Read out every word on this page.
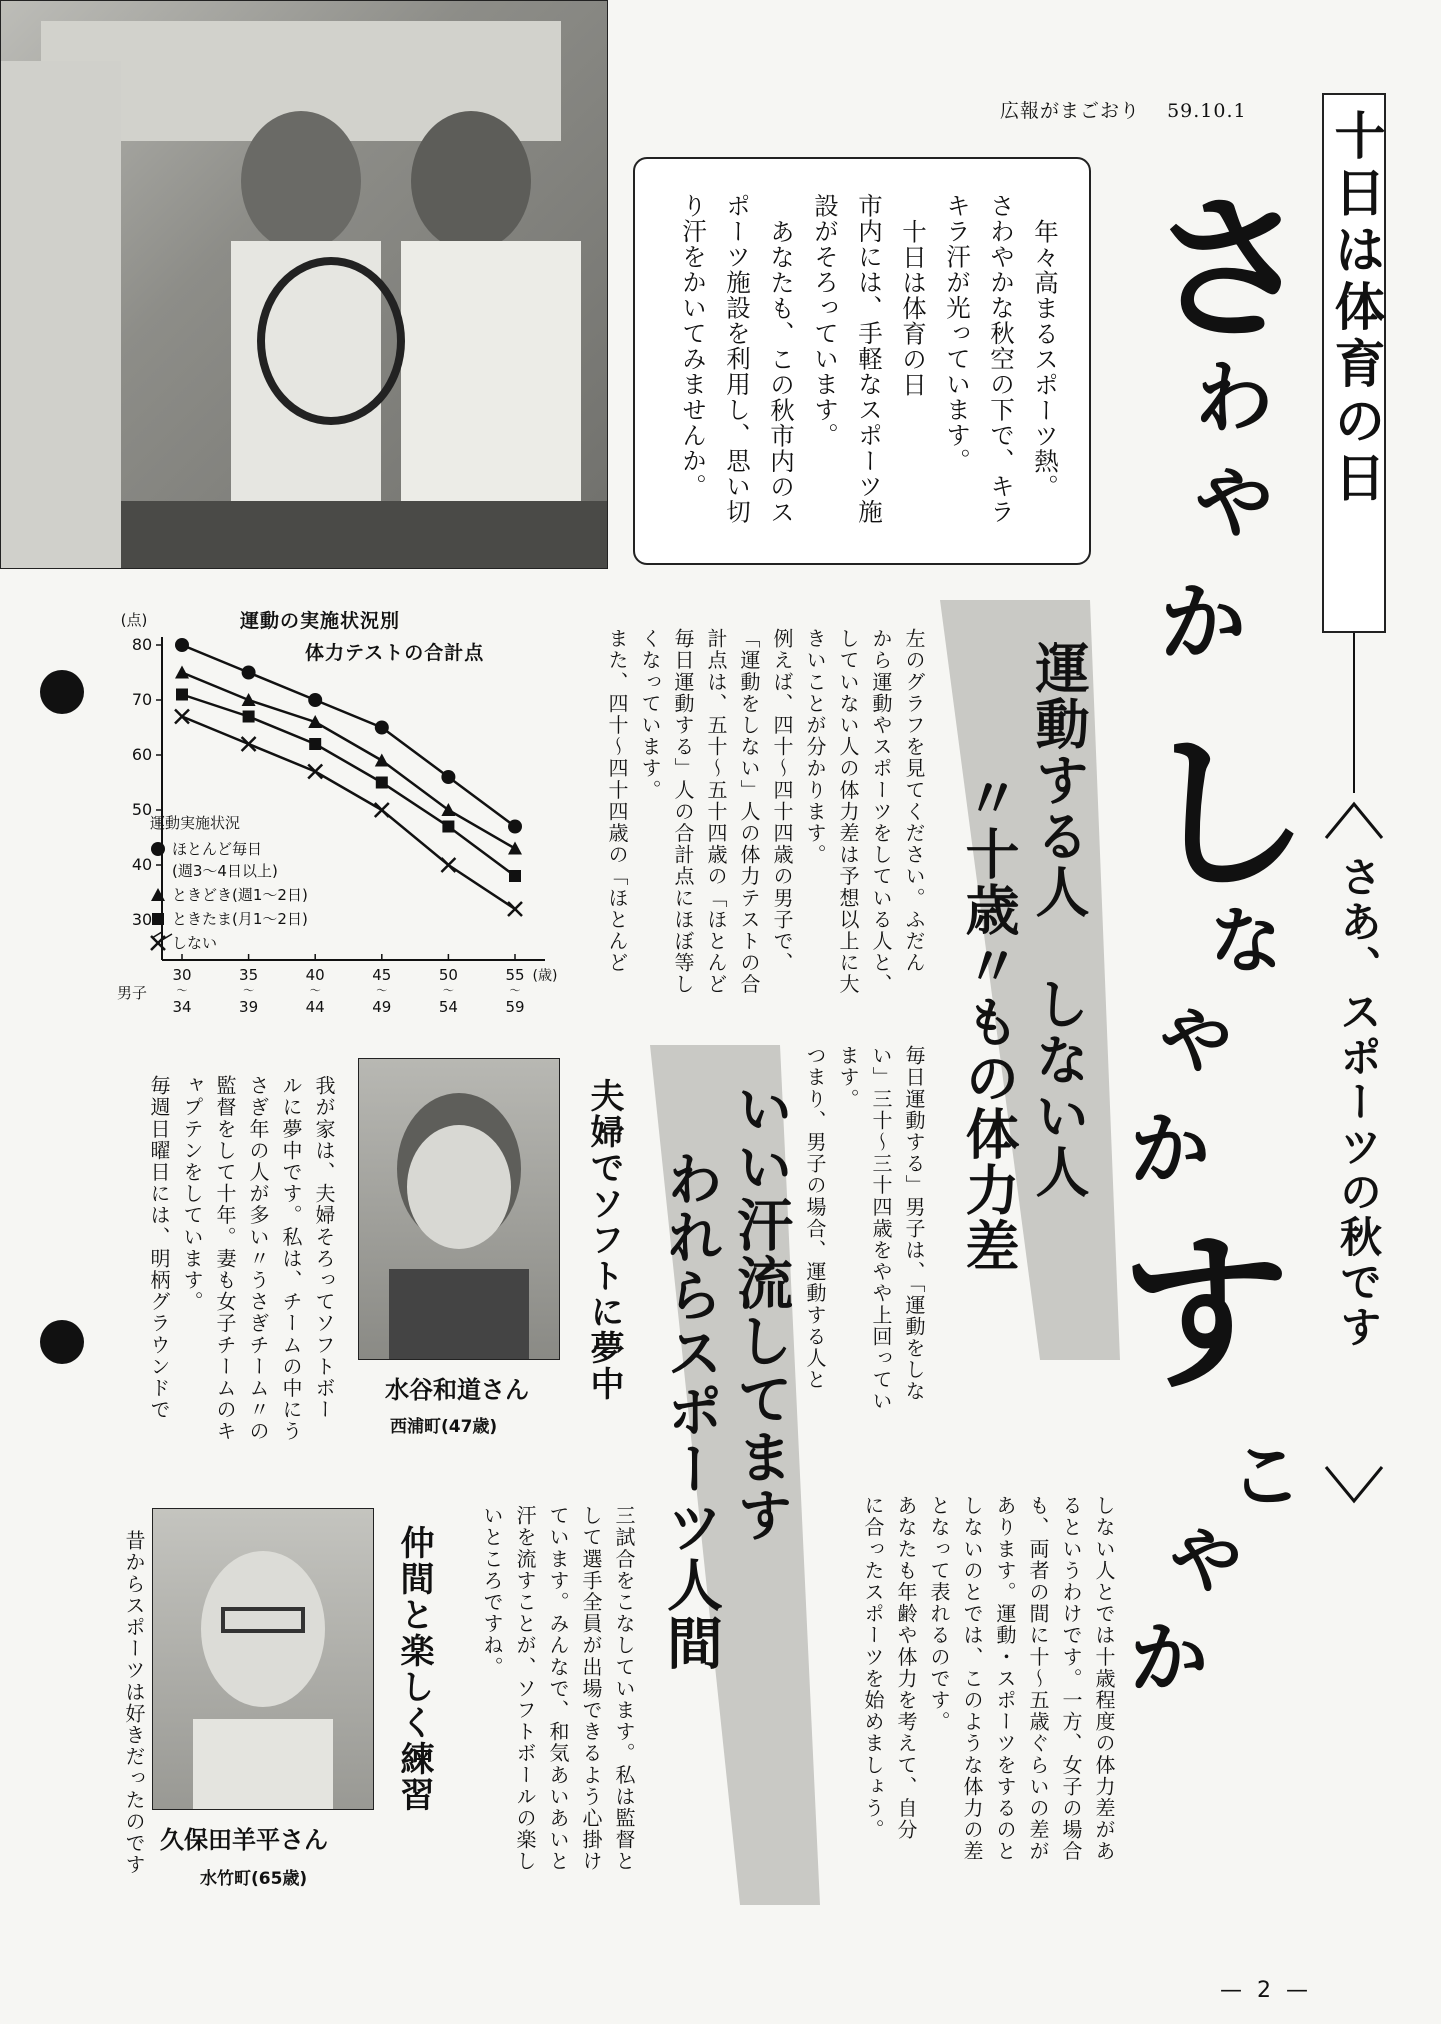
広報がまごおり 59.10.1
年々高まるスポーツ熱。
さわやかな秋空の下で、キラ
キラ汗が光っています。
十日は体育の日
市内には、手軽なスポーツ施
設がそろっています。
あなたも、この秋市内のス
ポーツ施設を利用し、思い切
り汗をかいてみませんか。	十日は体育の日
さ
わ
や
か
し
な
や
か
す
こ
や
か
さあ、スポーツの秋です
運動する人　しない人
〃十歳〃もの体力差
左のグラフを見てください。ふだん
から運動やスポーツをしている人と、
していない人の体力差は予想以上に大
きいことが分かります。
例えば、四十〜四十四歳の男子で、
「運動をしない」人の体力テストの合
計点は、五十〜五十四歳の「ほとんど
毎日運動する」人の合計点にほぼ等し
くなっています。
また、四十〜四十四歳の「ほとんど
毎日運動する」男子は、「運動をしな
い」三十〜三十四歳をやや上回ってい
ます。
つまり、男子の場合、運動する人と
しない人とでは十歳程度の体力差があ
るというわけです。一方、女子の場合
も、両者の間に十〜五歳ぐらいの差が
あります。運動・スポーツをするのと
しないのとでは、このような体力の差
となって表れるのです。
あなたも年齢や体力を考えて、自分
に合ったスポーツを始めましょう。
いい汗流してます
われらスポーツ人間
三試合をこなしています。私は監督と
して選手全員が出場できるよう心掛け
ています。みんなで、和気あいあいと
汗を流すことが、ソフトボールの楽し
いところですね。
夫婦でソフトに夢中
水谷和道さん
西浦町(47歳)
我が家は、夫婦そろってソフトボー
ルに夢中です。私は、チームの中にう
さぎ年の人が多い〃うさぎチーム〃の
監督をして十年。妻も女子チームのキ
ャプテンをしています。
毎週日曜日には、明柄グラウンドで
仲間と楽しく練習
久保田羊平さん
水竹町(65歳)
昔からスポーツは好きだったのです
運動の実施状況別
体力テストの合計点
(点)
30
40
50
60
70
80
30
〜
34
35
〜
39
40
〜
44
45
〜
49
50
〜
54
55
〜
59
(歳)
男子
運動実施状況
ほとんど毎日
(週3〜4日以上)
ときどき(週1〜2日)
ときたま(月1〜2日)
しない
— 2 —
